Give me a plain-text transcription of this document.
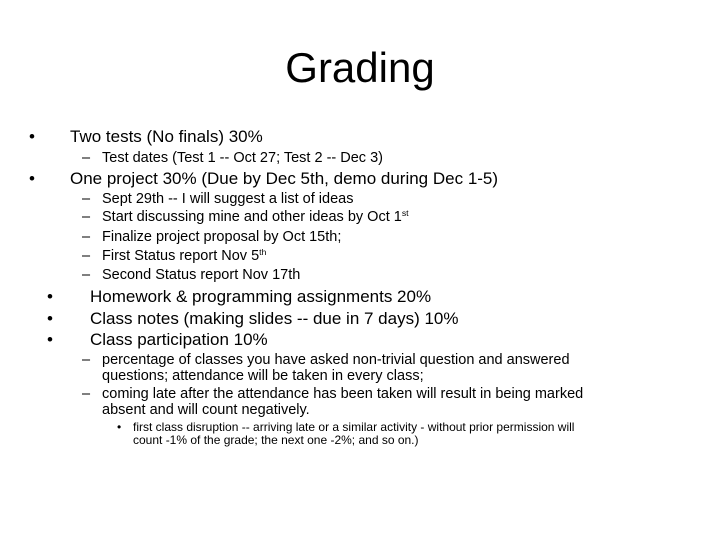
Grading
• Two tests (No finals) 30%
– Test dates (Test 1 -- Oct 27; Test 2 -- Dec 3)
• One project 30% (Due by Dec 5th, demo during Dec 1-5)
– Sept 29th -- I will suggest a list of ideas
– Start discussing mine and other ideas by Oct 1st
– Finalize project proposal by Oct 15th;
– First Status report Nov 5th
– Second Status report Nov 17th
• Homework & programming assignments 20%
• Class notes (making slides -- due in 7 days) 10%
• Class participation 10%
– percentage of classes you have asked non-trivial question and answered
questions; attendance will be taken in every class;
– coming late after the attendance has been taken will result in being marked
absent and will count negatively.
• first class disruption -- arriving late or a similar activity - without prior permission will
count -1% of the grade; the next one -2%; and so on.)
